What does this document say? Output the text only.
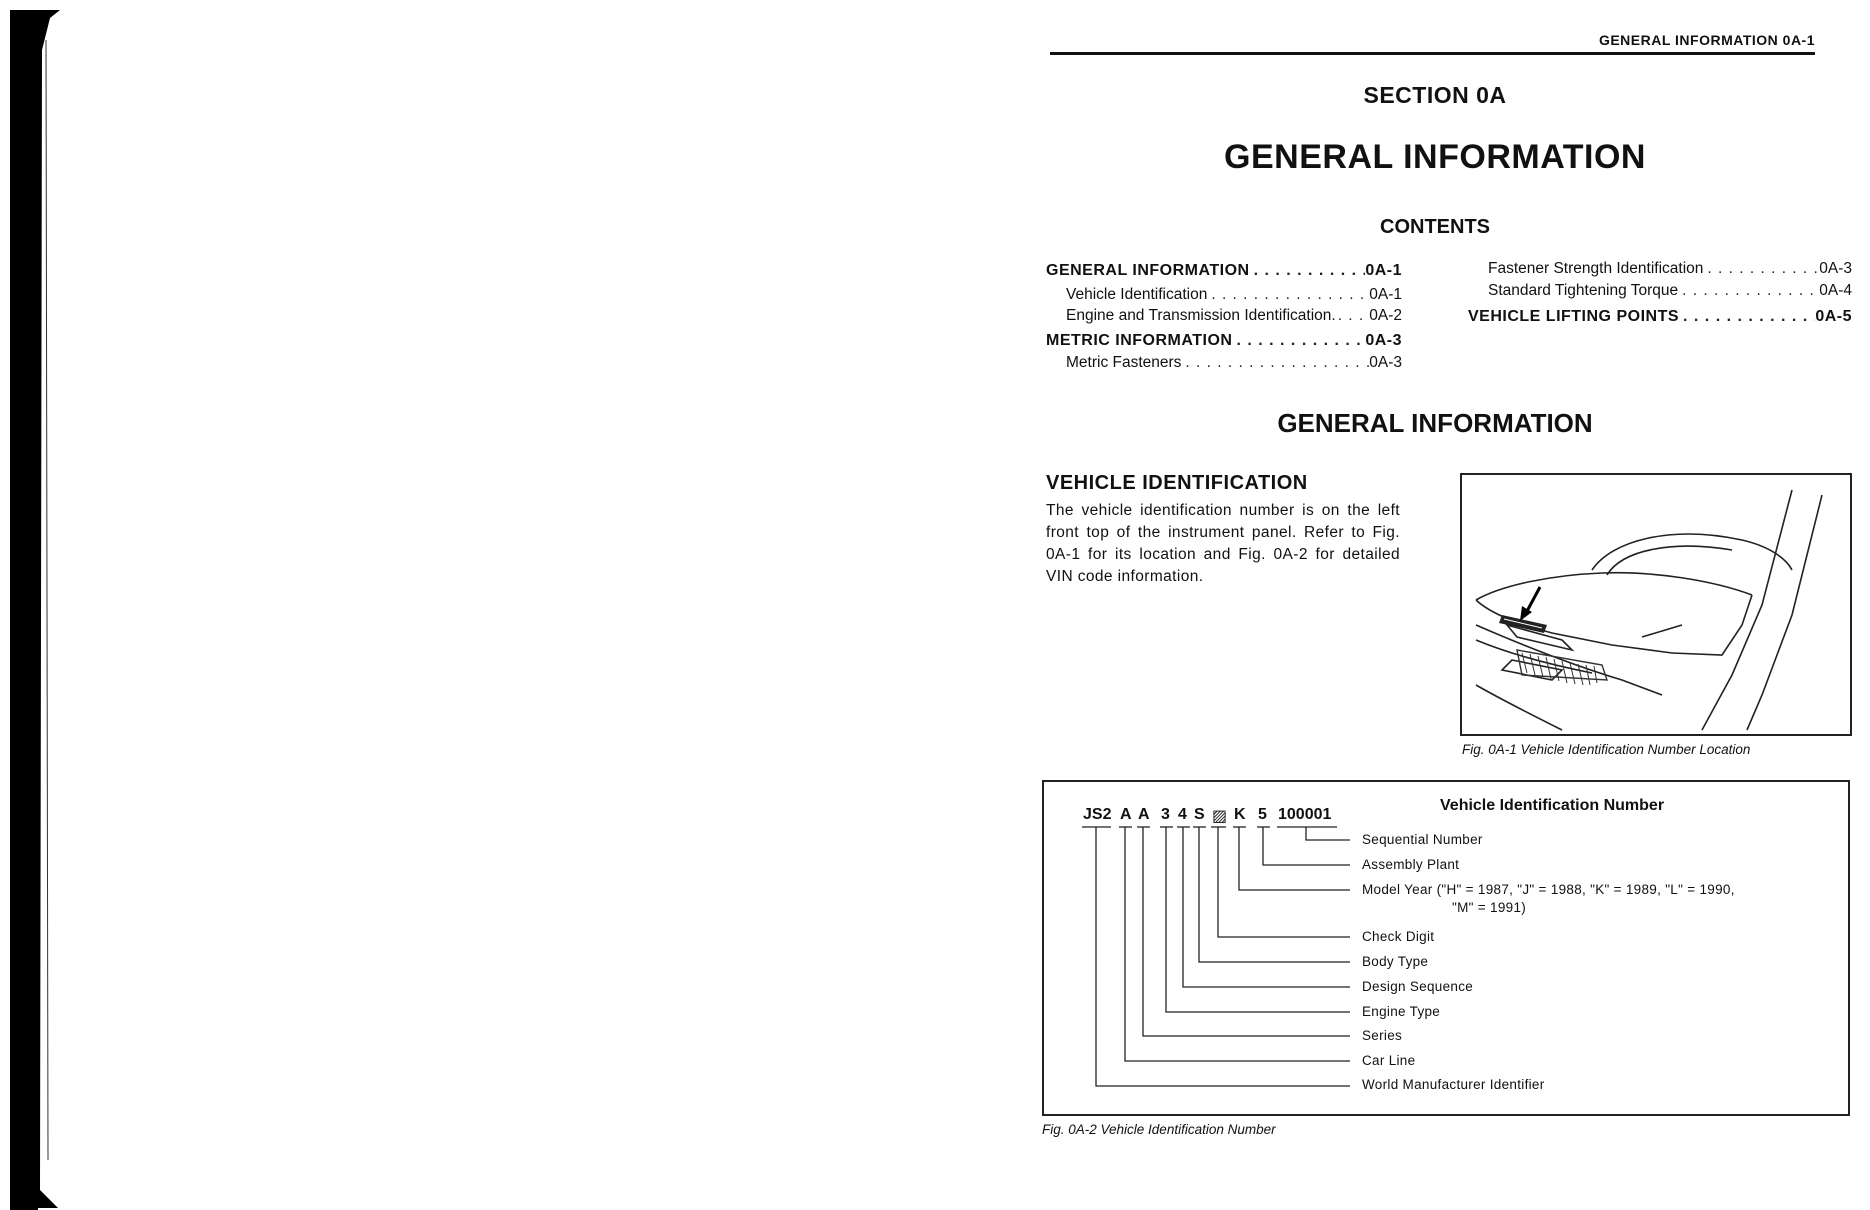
GENERAL INFORMATION 0A-1
SECTION 0A
GENERAL INFORMATION
CONTENTS
GENERAL INFORMATION . . .	0A-1
Vehicle Identification . . .	0A-1
Engine and Transmission Identification. . . . 0A-2
METRIC INFORMATION . . .	0A-3
Metric Fasteners . . .	0A-3
Fastener Strength Identification . . .	0A-3
Standard Tightening Torque . . .	0A-4
VEHICLE LIFTING POINTS . . .	0A-5
GENERAL INFORMATION
VEHICLE IDENTIFICATION
The vehicle identification number is on the left front top of the instrument panel. Refer to Fig. 0A-1 for its location and Fig. 0A-2 for detailed VIN code information.
Fig. 0A-1 Vehicle Identification Number Location
Vehicle Identification Number
JS2 A A 3 4 S ▨ K 5 100001
Sequential Number
Assembly Plant
Model Year ("H" = 1987, "J" = 1988, "K" = 1989, "L" = 1990,
"M" = 1991)
Check Digit
Body Type
Design Sequence
Engine Type
Series
Car Line
World Manufacturer Identifier
Fig. 0A-2 Vehicle Identification Number
